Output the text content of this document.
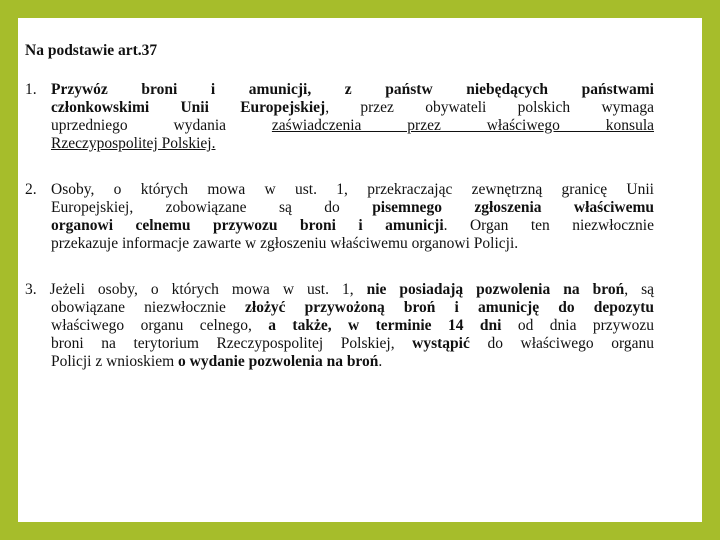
Na podstawie art.37

1. Przywóz broni i amunicji, z państw niebędących państwami
członkowskimi Unii Europejskiej, przez obywateli polskich wymaga
uprzedniego wydania zaświadczenia przez właściwego konsula
Rzeczypospolitej Polskiej.
2. Osoby, o których mowa w ust. 1, przekraczając zewnętrzną granicę Unii
Europejskiej, zobowiązane są do pisemnego zgłoszenia właściwemu
organowi celnemu przywozu broni i amunicji. Organ ten niezwłocznie
przekazuje informacje zawarte w zgłoszeniu właściwemu organowi Policji.
3. Jeżeli osoby, o których mowa w ust. 1, nie posiadają pozwolenia na broń, są
obowiązane niezwłocznie złożyć przywożoną broń i amunicję do depozytu
właściwego organu celnego, a także, w terminie 14 dni od dnia przywozu
broni na terytorium Rzeczypospolitej Polskiej, wystąpić do właściwego organu
Policji z wnioskiem o wydanie pozwolenia na broń.
